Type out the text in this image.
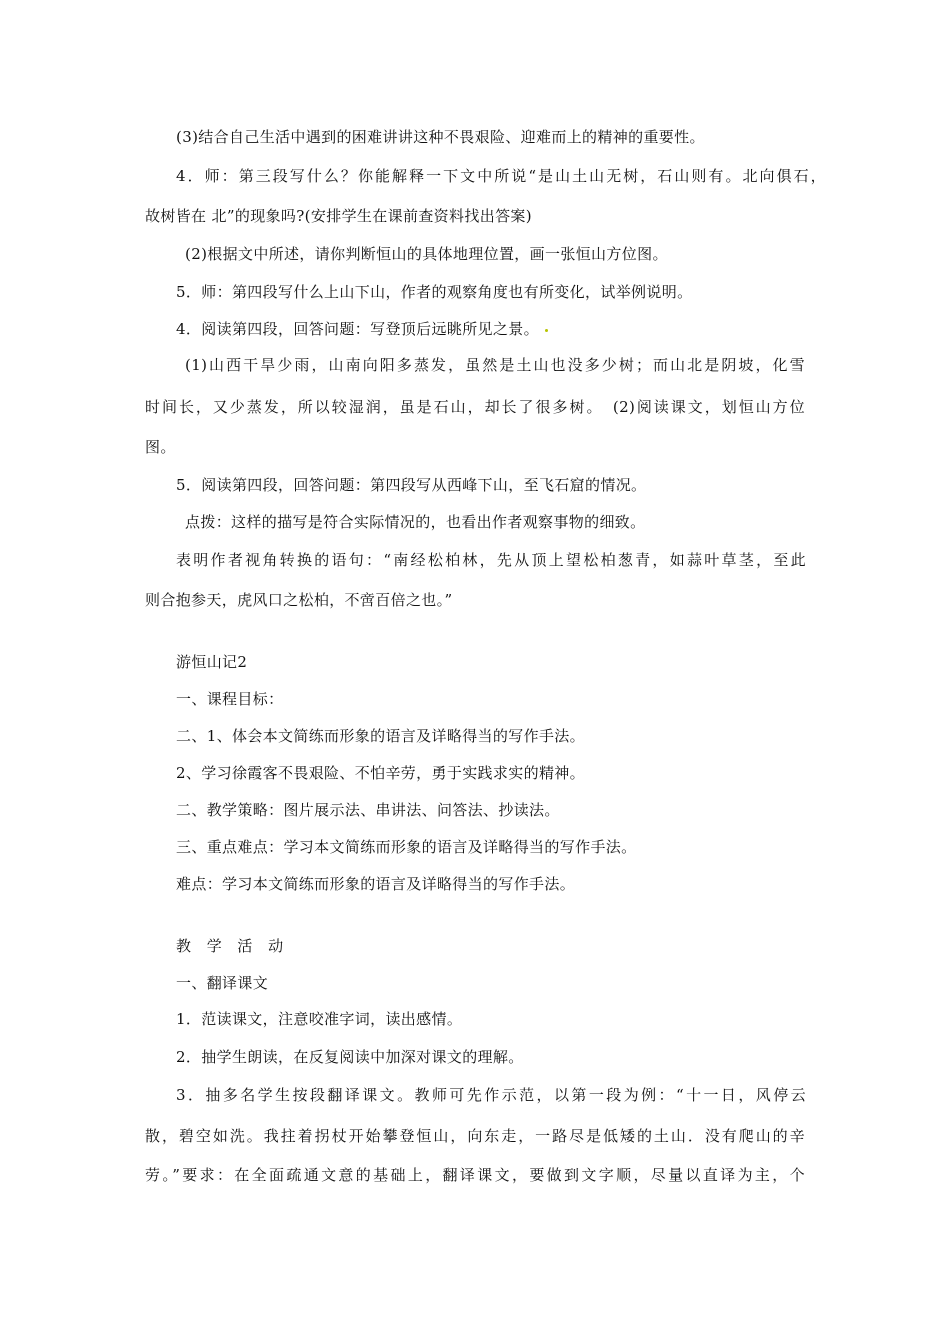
(3)结合自己生活中遇到的困难讲讲这种不畏艰险、迎难而上的精神的重要性。
4．师：第三段写什么？你能解释一下文中所说“是山土山无树，石山则有。北向俱石，
故树皆在 北”的现象吗?(安排学生在课前查资料找出答案)
(2)根据文中所述，请你判断恒山的具体地理位置，画一张恒山方位图。
5．师：第四段写什么上山下山，作者的观察角度也有所变化，试举例说明。
4．阅读第四段，回答问题：写登顶后远眺所见之景。
(1)山西干旱少雨，山南向阳多蒸发，虽然是土山也没多少树；而山北是阴坡，化雪
时间长，又少蒸发，所以较湿润，虽是石山，却长了很多树。　(2)阅读课文，划恒山方位
图。
5．阅读第四段，回答问题：第四段写从西峰下山，至飞石窟的情况。
点拨：这样的描写是符合实际情况的，也看出作者观察事物的细致。
表明作者视角转换的语句：“南经松柏林，先从顶上望松柏葱青，如蒜叶草茎，至此
则合抱参天，虎风口之松柏，不啻百倍之也。”
游恒山记2
一、课程目标：
二、1、体会本文简练而形象的语言及详略得当的写作手法。
2、学习徐霞客不畏艰险、不怕辛劳，勇于实践求实的精神。
二、教学策略：图片展示法、串讲法、问答法、抄读法。
三、重点难点：学习本文简练而形象的语言及详略得当的写作手法。
难点：学习本文简练而形象的语言及详略得当的写作手法。
教　学　活　动
一、翻译课文
1．范读课文，注意咬准字词，读出感情。
2．抽学生朗读，在反复阅读中加深对课文的理解。
3．抽多名学生按段翻译课文。教师可先作示范，以第一段为例：“十一日，风停云
散，碧空如洗。我拄着拐杖开始攀登恒山，向东走，一路尽是低矮的土山．没有爬山的辛
劳。”要求：在全面疏通文意的基础上，翻译课文，要做到文字顺，尽量以直译为主，个
